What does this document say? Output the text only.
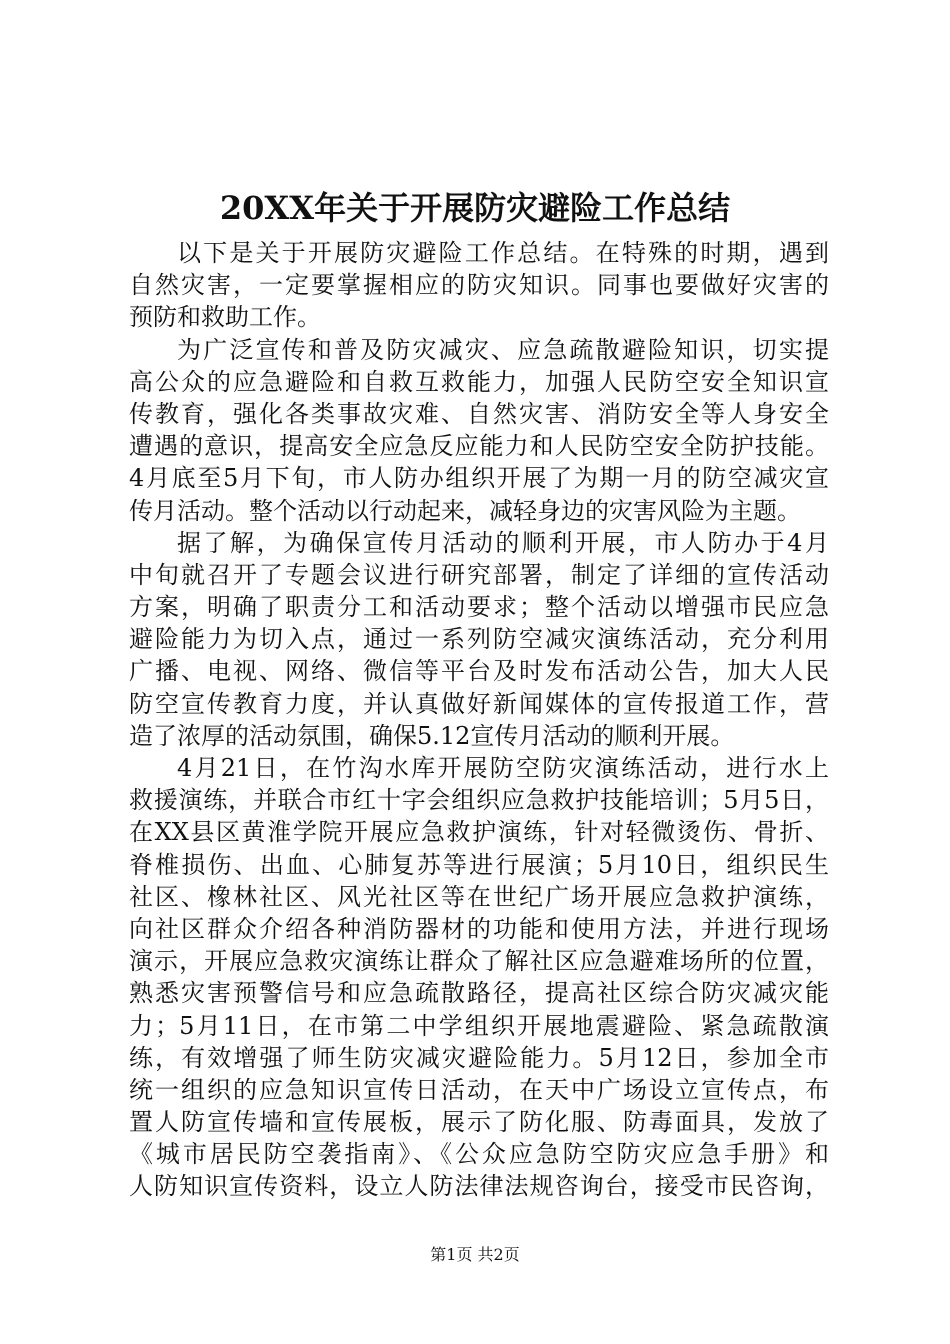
20XX年关于开展防灾避险工作总结
以下是关于开展防灾避险工作总结。在特殊的时期，遇到
自然灾害，一定要掌握相应的防灾知识。同事也要做好灾害的
预防和救助工作。
为广泛宣传和普及防灾减灾、应急疏散避险知识，切实提
高公众的应急避险和自救互救能力，加强人民防空安全知识宣
传教育，强化各类事故灾难、自然灾害、消防安全等人身安全
遭遇的意识，提高安全应急反应能力和人民防空安全防护技能。
4月底至5月下旬，市人防办组织开展了为期一月的防空减灾宣
传月活动。整个活动以行动起来，减轻身边的灾害风险为主题。
据了解，为确保宣传月活动的顺利开展，市人防办于4月
中旬就召开了专题会议进行研究部署，制定了详细的宣传活动
方案，明确了职责分工和活动要求；整个活动以增强市民应急
避险能力为切入点，通过一系列防空减灾演练活动，充分利用
广播、电视、网络、微信等平台及时发布活动公告，加大人民
防空宣传教育力度，并认真做好新闻媒体的宣传报道工作，营
造了浓厚的活动氛围，确保5.12宣传月活动的顺利开展。
4月21日，在竹沟水库开展防空防灾演练活动，进行水上
救援演练，并联合市红十字会组织应急救护技能培训；5月5日，
在XX县区黄淮学院开展应急救护演练，针对轻微烫伤、骨折、
脊椎损伤、出血、心肺复苏等进行展演；5月10日，组织民生
社区、橡林社区、风光社区等在世纪广场开展应急救护演练，
向社区群众介绍各种消防器材的功能和使用方法，并进行现场
演示，开展应急救灾演练让群众了解社区应急避难场所的位置，
熟悉灾害预警信号和应急疏散路径，提高社区综合防灾减灾能
力；5月11日，在市第二中学组织开展地震避险、紧急疏散演
练，有效增强了师生防灾减灾避险能力。5月12日，参加全市
统一组织的应急知识宣传日活动，在天中广场设立宣传点，布
置人防宣传墙和宣传展板，展示了防化服、防毒面具，发放了
《城市居民防空袭指南》、《公众应急防空防灾应急手册》和
人防知识宣传资料，设立人防法律法规咨询台，接受市民咨询，
第1页 共2页
